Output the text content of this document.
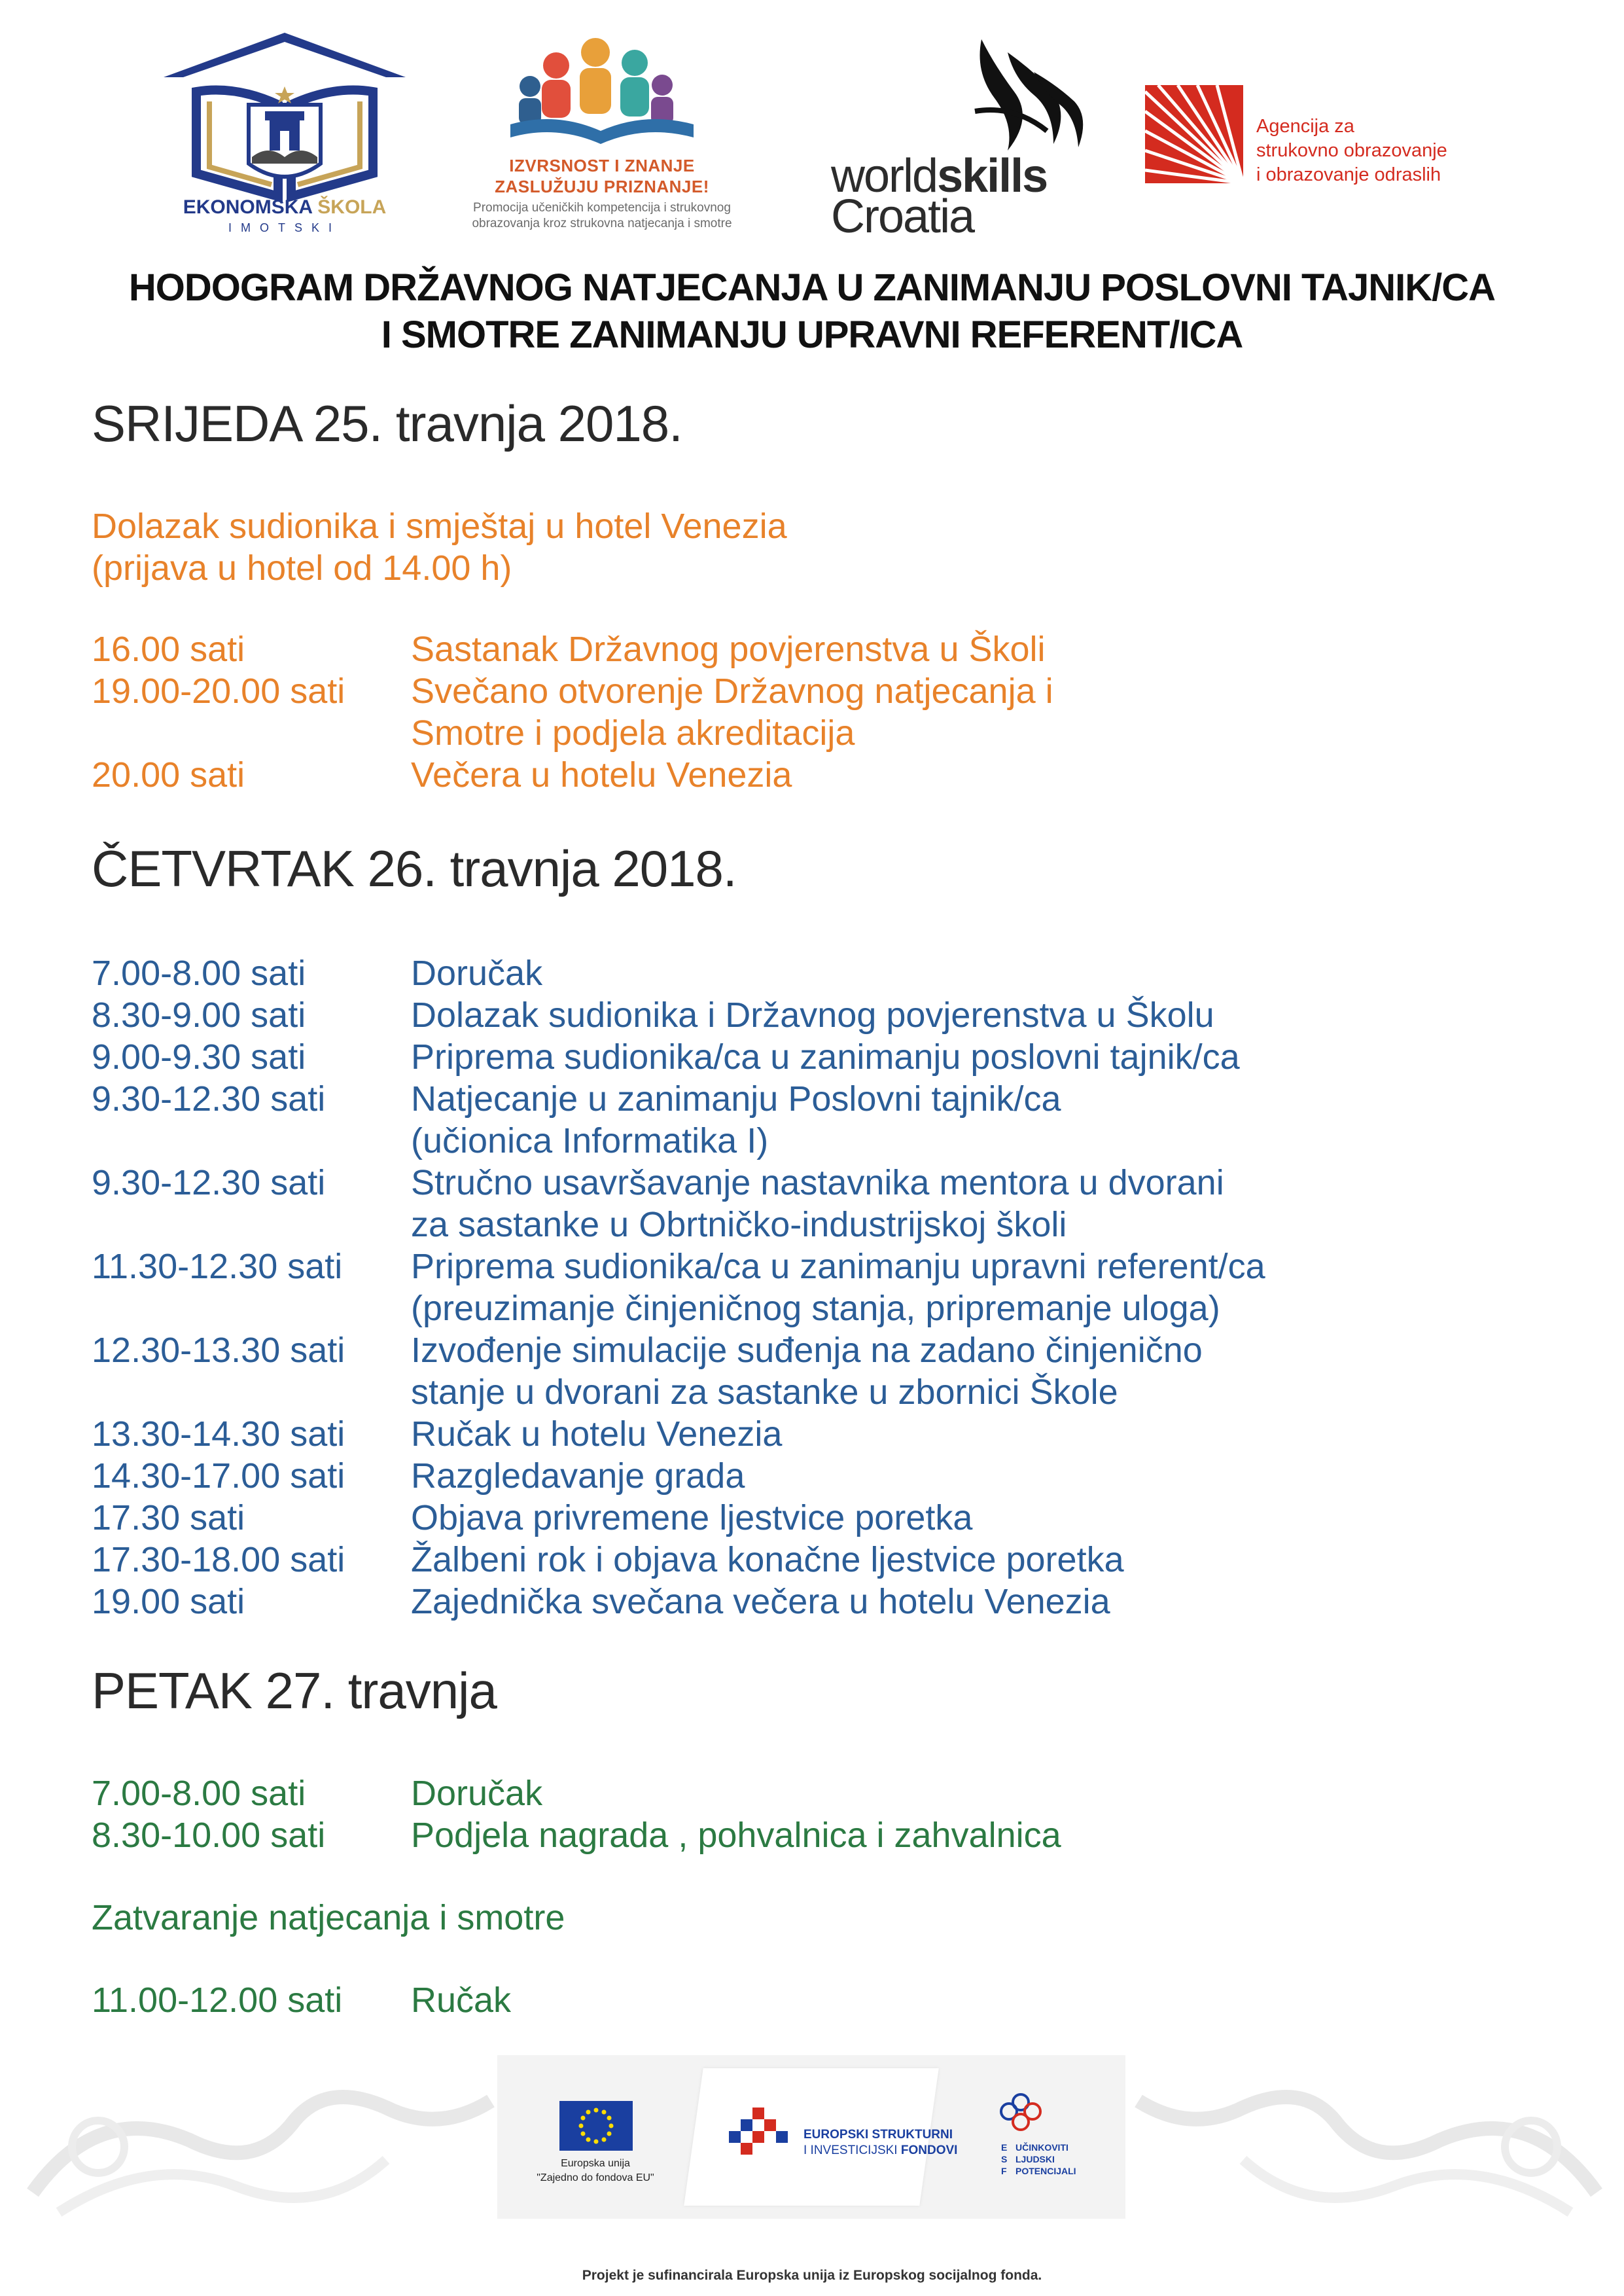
EKONOMSKA ŠKOLA
IMOTSKI
IZVRSNOST I ZNANJE
ZASLUŽUJU PRIZNANJE!
Promocija učeničkih kompetencija i strukovnog
obrazovanja kroz strukovna natjecanja i smotre
worldskills
Croatia
Agencija za
strukovno obrazovanje
i obrazovanje odraslih
HODOGRAM DRŽAVNOG NATJECANJA U ZANIMANJU POSLOVNI TAJNIK/CA
I SMOTRE ZANIMANJU UPRAVNI REFERENT/ICA
SRIJEDA 25. travnja 2018.
Dolazak sudionika i smještaj u hotel Venezia
(prijava u hotel od 14.00 h)
16.00 sati	Sastanak Državnog povjerenstva u Školi
19.00-20.00 sati Svečano otvorenje Državnog natjecanja i
Smotre i podjela akreditacija
20.00 sati	Večera u hotelu Venezia
ČETVRTAK 26. travnja 2018.
7.00-8.00 sati	Doručak
8.30-9.00 sati	Dolazak sudionika i Državnog povjerenstva u Školu
9.00-9.30 sati	Priprema sudionika/ca u zanimanju poslovni tajnik/ca
9.30-12.30 sati Natjecanje u zanimanju Poslovni tajnik/ca
(učionica Informatika I)
9.30-12.30 sati Stručno usavršavanje nastavnika mentora u dvorani
za sastanke u Obrtničko-industrijskoj školi
11.30-12.30 sati Priprema sudionika/ca u zanimanju upravni referent/ca
(preuzimanje činjeničnog stanja, pripremanje uloga)
12.30-13.30 sati Izvođenje simulacije suđenja na zadano činjenično
stanje u dvorani za sastanke u zbornici Škole
13.30-14.30 sati Ručak u hotelu Venezia
14.30-17.00 sati Razgledavanje grada
17.30 sati	Objava privremene ljestvice poretka
17.30-18.00 sati Žalbeni rok i objava konačne ljestvice poretka
19.00 sati	Zajednička svečana večera u hotelu Venezia
PETAK 27. travnja
7.00-8.00 sati	Doručak
8.30-10.00 sati Podjela nagrada , pohvalnica i zahvalnica
Zatvaranje natjecanja i smotre
11.00-12.00 sati Ručak
Europska unija
"Zajedno do fondova EU"
EUROPSKI STRUKTURNI
I INVESTICIJSKI FONDOVI	ESF
UČINKOVITI
LJUDSKI
POTENCIJALI
Projekt je sufinancirala Europska unija iz Europskog socijalnog fonda.
